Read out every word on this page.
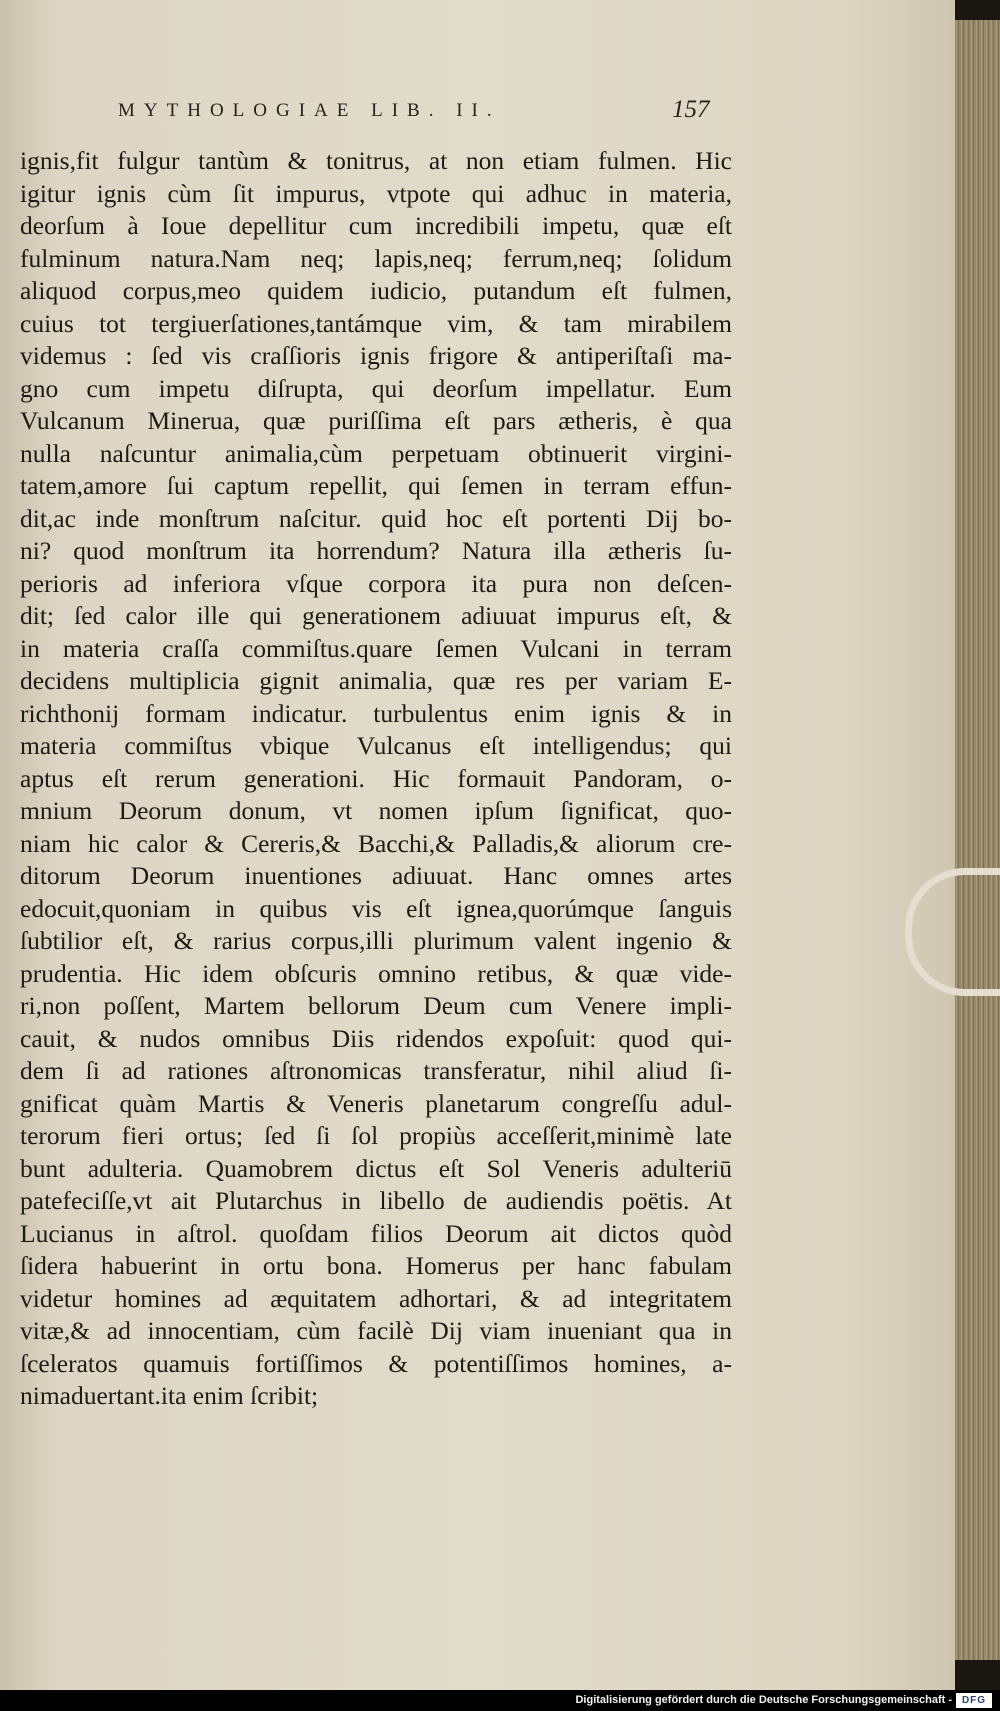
MYTHOLOGIAE LIB. II.	157
ignis,fit fulgur tantùm & tonitrus, at non etiam fulmen. Hic
igitur ignis cùm ſit impurus, vtpote qui adhuc in materia,
deorſum à Ioue depellitur cum incredibili impetu, quæ eſt
fulminum natura.Nam neq; lapis,neq; ferrum,neq; ſolidum
aliquod corpus,meo quidem iudicio, putandum eſt fulmen,
cuius tot tergiuerſationes,tantámque vim, & tam mirabilem
videmus : ſed vis craſſioris ignis frigore & antiperiſtaſi ma-
gno cum impetu diſrupta, qui deorſum impellatur. Eum
Vulcanum Minerua, quæ puriſſima eſt pars ætheris, è qua
nulla naſcuntur animalia,cùm perpetuam obtinuerit virgini-
tatem,amore ſui captum repellit, qui ſemen in terram effun-
dit,ac inde monſtrum naſcitur. quid hoc eſt portenti Dij bo-
ni? quod monſtrum ita horrendum? Natura illa ætheris ſu-
perioris ad inferiora vſque corpora ita pura non deſcen-
dit; ſed calor ille qui generationem adiuuat impurus eſt, &
in materia craſſa commiſtus.quare ſemen Vulcani in terram
decidens multiplicia gignit animalia, quæ res per variam E-
richthonij formam indicatur. turbulentus enim ignis & in
materia commiſtus vbique Vulcanus eſt intelligendus; qui
aptus eſt rerum generationi. Hic formauit Pandoram, o-
mnium Deorum donum, vt nomen ipſum ſignificat, quo-
niam hic calor & Cereris,& Bacchi,& Palladis,& aliorum cre-
ditorum Deorum inuentiones adiuuat. Hanc omnes artes
edocuit,quoniam in quibus vis eſt ignea,quorúmque ſanguis
ſubtilior eſt, & rarius corpus,illi plurimum valent ingenio &
prudentia. Hic idem obſcuris omnino retibus, & quæ vide-
ri,non poſſent, Martem bellorum Deum cum Venere impli-
cauit, & nudos omnibus Diis ridendos expoſuit: quod qui-
dem ſi ad rationes aſtronomicas transferatur, nihil aliud ſi-
gnificat quàm Martis & Veneris planetarum congreſſu adul-
terorum fieri ortus; ſed ſi ſol propiùs acceſſerit,minimè late
bunt adulteria. Quamobrem dictus eſt Sol Veneris adulteriū
patefeciſſe,vt ait Plutarchus in libello de audiendis poëtis. At
Lucianus in aſtrol. quoſdam filios Deorum ait dictos quòd
ſidera habuerint in ortu bona. Homerus per hanc fabulam
videtur homines ad æquitatem adhortari, & ad integritatem
vitæ,& ad innocentiam, cùm facilè Dij viam inueniant qua in
ſceleratos quamuis fortiſſimos & potentiſſimos homines, a-
nimaduertant.ita enim ſcribit;
Digitalisierung gefördert durch die Deutsche Forschungsgemeinschaft - DFG
